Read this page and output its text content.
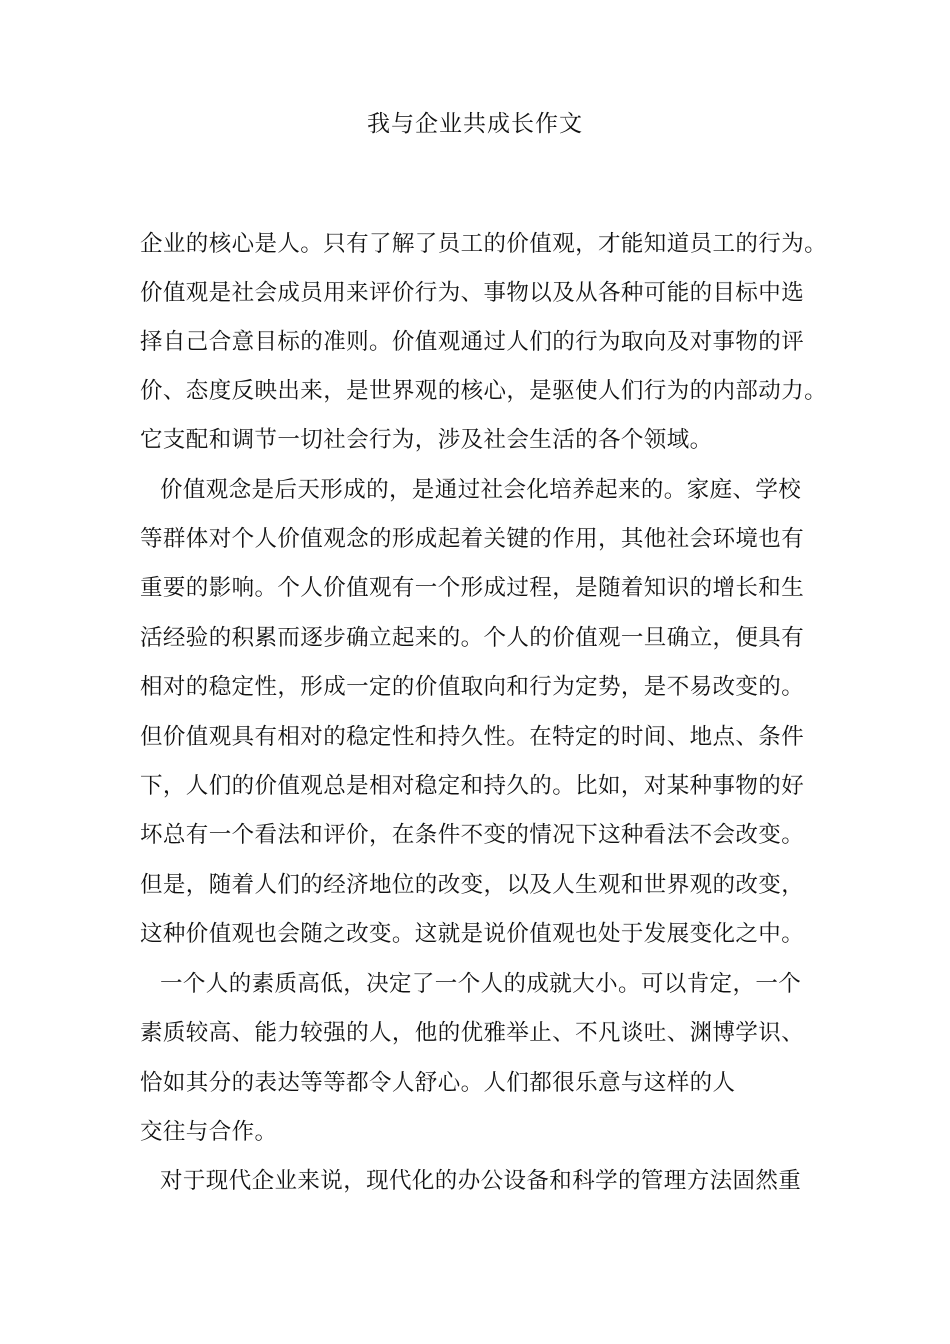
我与企业共成长作文
企业的核心是人。只有了解了员工的价值观，才能知道员工的行为。
价值观是社会成员用来评价行为、事物以及从各种可能的目标中选
择自己合意目标的准则。价值观通过人们的行为取向及对事物的评
价、态度反映出来，是世界观的核心，是驱使人们行为的内部动力。
它支配和调节一切社会行为，涉及社会生活的各个领域。
价值观念是后天形成的，是通过社会化培养起来的。家庭、学校
等群体对个人价值观念的形成起着关键的作用，其他社会环境也有
重要的影响。个人价值观有一个形成过程，是随着知识的增长和生
活经验的积累而逐步确立起来的。个人的价值观一旦确立，便具有
相对的稳定性，形成一定的价值取向和行为定势，是不易改变的。
但价值观具有相对的稳定性和持久性。在特定的时间、地点、条件
下，人们的价值观总是相对稳定和持久的。比如，对某种事物的好
坏总有一个看法和评价，在条件不变的情况下这种看法不会改变。
但是，随着人们的经济地位的改变，以及人生观和世界观的改变，
这种价值观也会随之改变。这就是说价值观也处于发展变化之中。
一个人的素质高低，决定了一个人的成就大小。可以肯定，一个
素质较高、能力较强的人，他的优雅举止、不凡谈吐、渊博学识、
恰如其分的表达等等都令人舒心。人们都很乐意与这样的人
交往与合作。
对于现代企业来说，现代化的办公设备和科学的管理方法固然重
